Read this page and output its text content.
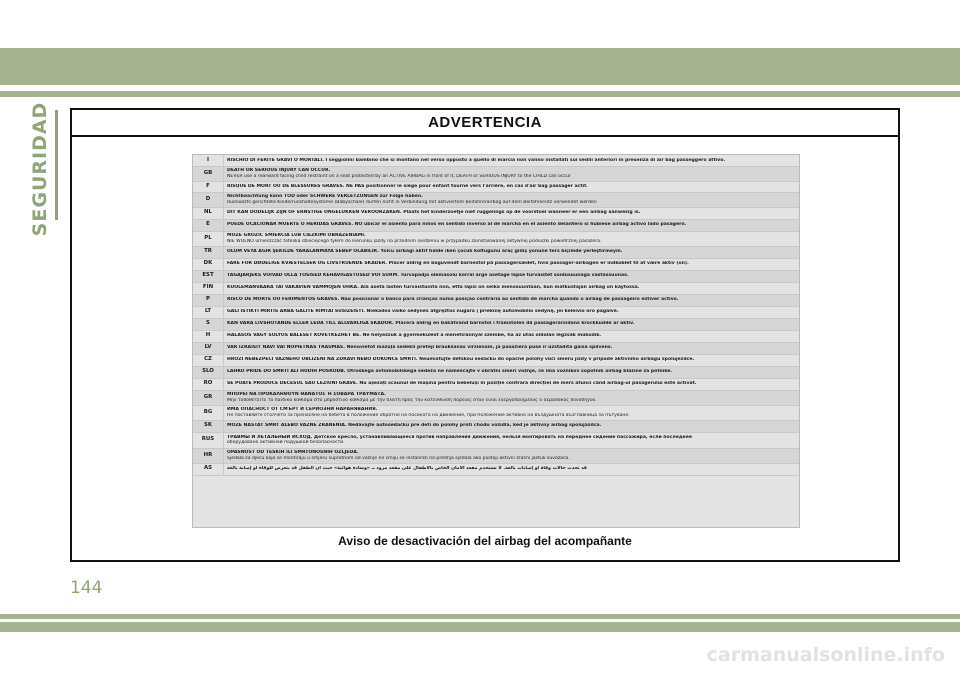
SEGURIDAD	ADVERTENCIA
I	RISCHIO DI FERITE GRAVI O MORTALI. I seggiolini bambino che si montano nel verso opposto a quello di marcia non vanno installati sui sedili anteriori in presenza di air bag passeggero attivo.

GB	DEATH OR SERIOUS INJURY CAN OCCUR.
NEVER use a rearward facing child restraint on a seat protected by an ACTIVE AIRBAG in front of it, DEATH or SERIOUS INJURY to the CHILD can occur

F	RISQUE DE MORT OU DE BLESSURES GRAVES. NE PAS positionner le siège pour enfant tourné vers l'arrière, en cas d'air bag passager actif.

D	Nichtbeachtung kann TOD oder SCHWERE VERLETZUNGEN zur Folge haben.
Rückwärts gerichtete Kinderrückhaltesysteme (Babyschale) dürfen nicht in Verbindung mit aktiviertem Beifahrerairbag auf dem Beifahrersitz verwendet werden

NL	DIT KAN DODELIJK ZIJN OF ERNSTIGE ONGELUKKEN VEROORZAKEN. Plaats het kinderzoetje niet ruggelings op de voorstoel wanneer er een airbag aanwezig is.

E	PUEDE OCACIONAR MUERTE O HERIDAS GRAVES. NO ubicar el asiento para niños en sentido inverso al de marcha en el asiento delantero si hubiese airbag activo lado pasagero.

PL	MOŻE GROZIĆ ŚMIERCIA LUB CIEŻKIMI OBRAŻENIAMI.
NIE WOLNO umieszczać fotelika dziecięcego tyłem do kierunku jazdy na przednim siedzeniu w przypadku zainstalowanej aktywnej poduszki powietrznej pasażera.

TR	ÖLÜM VEYA AĞIR ŞEKİLDE YARALANMAYA SEBEP OLABİLİR. Yolcu airbagi aktif halde iken çocuk koltuğunu araç gidiş yönüne ters biçimde yerleştirmeyin.

DK	FARE FOR DØDELIGE KVÆSTELSER OG LIVSTRUENDE SKADER. Placer aldrig en baguvendt barnestol på passagersædet, hvis passager-airbagen er indkoblet til at være aktiv (on).

EST	TAGAJÄRJEKS VÕIVAD OLLA TÕSISED KEHAVIGASTUSED VÕI SURM. Turvapadja olemasolu korral ärge asetage lapse turvaistet sõidusuunaga vastassuunas.

FIN	KUOLEMANVAARA TAI VAKAVIEN VAMMOJEN UHKA. Älä aseta lasten turvaistuinta niin, että lapsi on selkä menosuuntaan, kun matkustajan airbag on käytössä.

P	RISCO DE MORTE OU FERIMENTOS GRAVES. Não posicionar o banco para crianças numa posição contrária ao sentido de marcha quando o airbag de passageiro estiver activo.

LT	GALI IŠTIKTI MIRTIS ARBA GALITE RIMTAI SUSIŽEISTI. Niekados vaiko sėdynės atgręžtos nugara į priekinę automobilio sėdynę, jei keleivio oro pagalvė.

S	KAN VARA LIVSHOTANDE ELLER LEDA TILL ALLVARLIGA SKADOR. Placera aldrig en bakåtvänd barnstol i framstolen då passagerarsidans krockkudde är aktiv.

H	HALÁSOS VAGY SÚLYOS BALESET KÖVETKEZHET BE. Ne helyezzük a gyermekülést a menetiránnyal szembe, ha az utas oldalán légzsák működik.

LV	VAR IZRAISĪT NĀVI VAI NOPIETNAS TRAUMAS. Nenovietot mazuļa sēdekli pretēji braukšanas virzienam, ja pasažiera pusē ir uzstādīta gaisa spilvens.

CZ	HROZÍ NEBEZPEČÍ VÁŽNÉHO UBLÍŽENÍ NA ZDRAVÍ NEBO DOKONCE SMRTI. Neumisťujte dětskou sedačku do opačné polohy vůči směru jízdy v případě aktivního airbagu spolujezdce.

SLO	LAHKO PRIDE DO SMRTI ALI HUDIH POŠKODB. Otroškega avtomobilskega sedeža ne nameščajte v obratni smeri vožnje, če ima voznikov sopotnik airbag blazine za potnike.

RO	SE POATE PRODUCE DECESUL SAU LEZIUNI GRAVE. Nu așezați scaunul de mașină pentru bebeluși în poziție contrară direcției de mers atunci când airbag-ul pasagerului este activat.

GR	ΜΠΟΡΕΙ ΝΑ ΠΡΟΚΑΛΗΘΟΥΝ ΘΑΝΑΤΟΣ Ή ΣΟΒΑΡΑ ΤΡΑΥΜΑΤΑ.
Μην τοποθετείτε το παιδικό κάθισμα στο μπροστινό κάθισμα με την πλάτη προς την κατεύθυνση πορείας όταν είναι ενεργοποιημένος ο αερόσακος συνοδηγού.

BG	ИМА ОПАСНОСТ ОТ СМЪРТ И СЕРИОЗНИ НАРАНЯВАНИЯ.
Не поставяйте столчето за пренасяне на бебета в положение обратно на посоката на движение, при положение активно на въздушната възглавница за пътуване.

SK	MÔŽE NASTAŤ SMRŤ ALEBO VÁŽNE ZRANENIA. Nedávajte autosedačku pre deti do polohy proti chodu vozidla, keď je aktívny airbag spolujazdca.

RUS	ТРАВМЫ И ЛЕТАЛЬНЫЙ ИСХОД. Детское кресло, устанавливающееся против направления движения, нельзя монтировать на переднее сидение пассажира, если последнее
оборудовано активной подушкой безопасности.

HR	OPASNOST OD TEŠKIH ILI SMRTONOSNIH OZLJEDA.
Sjedala za djecu koja se montiraju u smjeru suprotnom od vožnje ne smiju se instalirati na prednja sjedala ako postoji aktivni zračni jastuk suvozača.

AS	قد تحدث حالات وفاة أو إصابات بالغة. لا تستخدم مقعد الأمان الخاص بالأطفال على مقعد مزود بـ «وسادة هوائية» حيث أن الطفل قد يتعرض للوفاة أو إصابة بالغة
Aviso de desactivación del airbag del acompañante
144
carmanualsonline.info
